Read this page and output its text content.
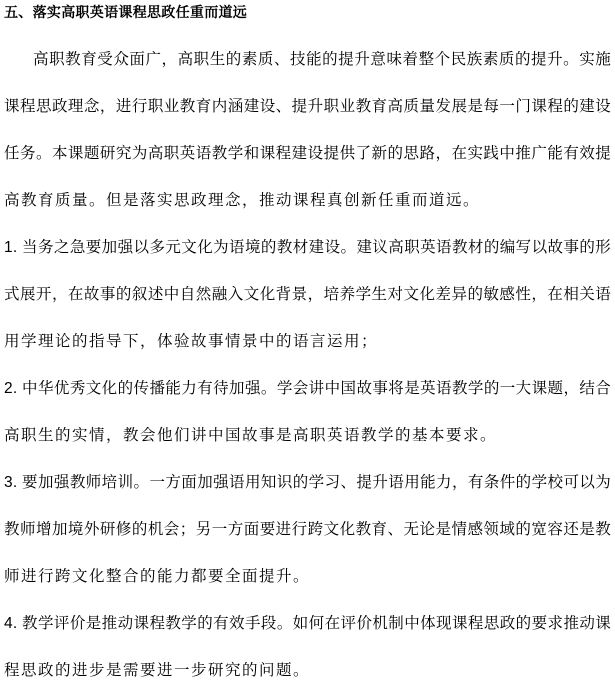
五、落实高职英语课程思政任重而道远
高职教育受众面广，高职生的素质、技能的提升意味着整个民族素质的提升。实施
课程思政理念，进行职业教育内涵建设、提升职业教育高质量发展是每一门课程的建设
任务。本课题研究为高职英语教学和课程建设提供了新的思路，在实践中推广能有效提
高教育质量。但是落实思政理念，推动课程真创新任重而道远。
1. 当务之急要加强以多元文化为语境的教材建设。建议高职英语教材的编写以故事的形
式展开，在故事的叙述中自然融入文化背景，培养学生对文化差异的敏感性，在相关语
用学理论的指导下，体验故事情景中的语言运用；
2. 中华优秀文化的传播能力有待加强。学会讲中国故事将是英语教学的一大课题，结合
高职生的实情，教会他们讲中国故事是高职英语教学的基本要求。
3. 要加强教师培训。一方面加强语用知识的学习、提升语用能力，有条件的学校可以为
教师增加境外研修的机会；另一方面要进行跨文化教育、无论是情感领域的宽容还是教
师进行跨文化整合的能力都要全面提升。
4. 教学评价是推动课程教学的有效手段。如何在评价机制中体现课程思政的要求推动课
程思政的进步是需要进一步研究的问题。
